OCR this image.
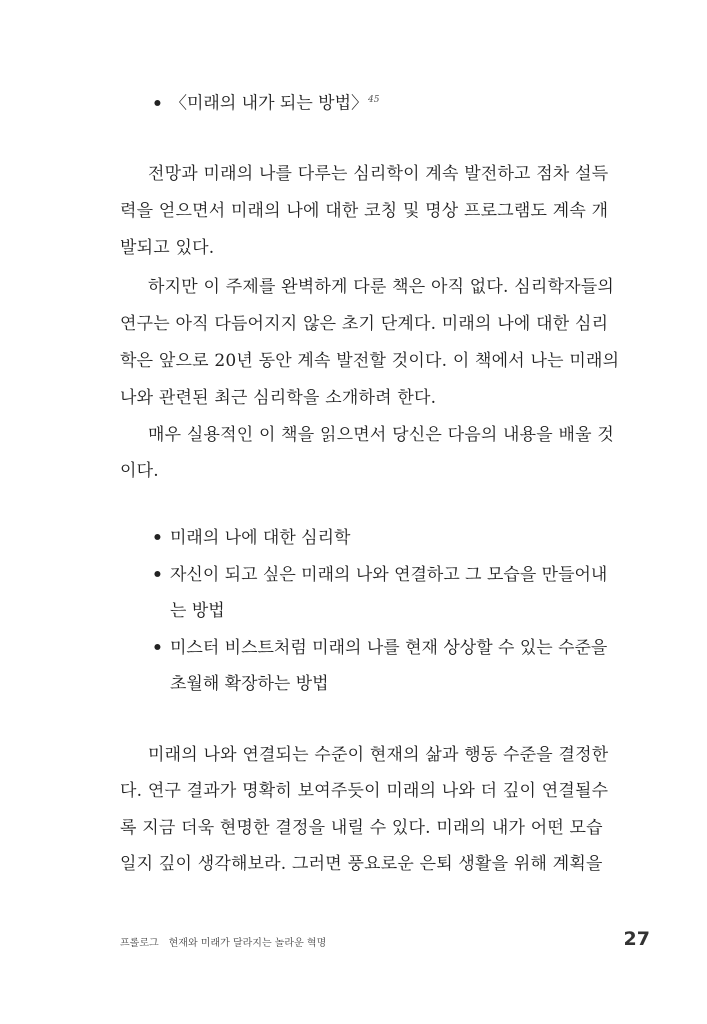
• 〈미래의 내가 되는 방법〉$^{45}$
전망과 미래의 나를 다루는 심리학이 계속 발전하고 점차 설득
력을 얻으면서 미래의 나에 대한 코칭 및 명상 프로그램도 계속 개
발되고 있다.
하지만 이 주제를 완벽하게 다룬 책은 아직 없다. 심리학자들의
연구는 아직 다듬어지지 않은 초기 단계다. 미래의 나에 대한 심리
학은 앞으로 20년 동안 계속 발전할 것이다. 이 책에서 나는 미래의
나와 관련된 최근 심리학을 소개하려 한다.
매우 실용적인 이 책을 읽으면서 당신은 다음의 내용을 배울 것
이다.
• 미래의 나에 대한 심리학
• 자신이 되고 싶은 미래의 나와 연결하고 그 모습을 만들어내
는 방법
• 미스터 비스트처럼 미래의 나를 현재 상상할 수 있는 수준을
초월해 확장하는 방법
미래의 나와 연결되는 수준이 현재의 삶과 행동 수준을 결정한
다. 연구 결과가 명확히 보여주듯이 미래의 나와 더 깊이 연결될수
록 지금 더욱 현명한 결정을 내릴 수 있다. 미래의 내가 어떤 모습
일지 깊이 생각해보라. 그러면 풍요로운 은퇴 생활을 위해 계획을
프롤로그 현재와 미래가 달라지는 놀라운 혁명	27
